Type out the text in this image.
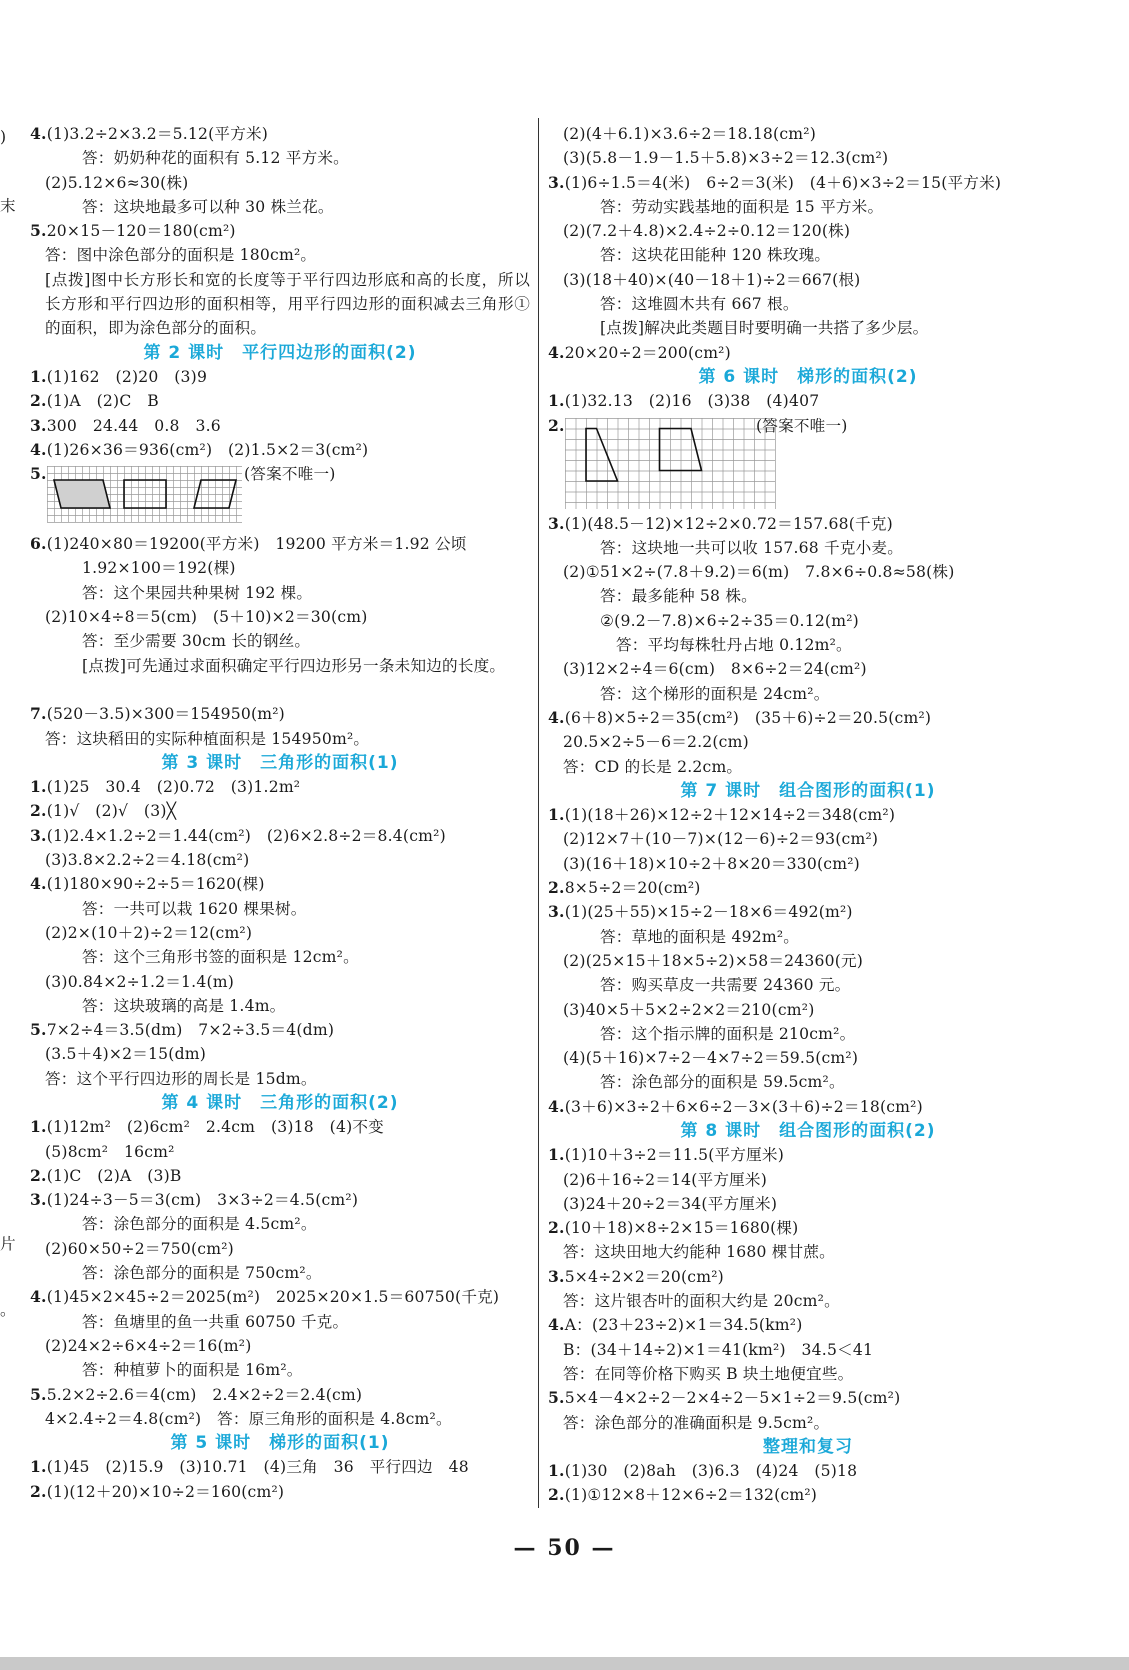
)
末
片
。
4.(1)3.2÷2×3.2＝5.12(平方米)
答：奶奶种花的面积有 5.12 平方米。
(2)5.12×6≈30(株)
答：这块地最多可以种 30 株兰花。
5.20×15－120＝180(cm²)
答：图中涂色部分的面积是 180cm²。
[点拨]图中长方形长和宽的长度等于平行四边形底和高的长度，所以长方形和平行四边形的面积相等，用平行四边形的面积减去三角形①的面积，即为涂色部分的面积。
第 2 课时　平行四边形的面积(2)
1.(1)162　(2)20　(3)9
2.(1)A　(2)C　B
3.300　24.44　0.8　3.6
4.(1)26×36＝936(cm²)　(2)1.5×2＝3(cm²)
5.	(答案不唯一)
6.(1)240×80＝19200(平方米)　19200 平方米＝1.92 公顷
1.92×100＝192(棵)
答：这个果园共种果树 192 棵。
(2)10×4÷8＝5(cm)　(5＋10)×2＝30(cm)
答：至少需要 30cm 长的钢丝。
[点拨]可先通过求面积确定平行四边形另一条未知边的长度。
7.(520－3.5)×300＝154950(m²)
答：这块稻田的实际种植面积是 154950m²。
第 3 课时　三角形的面积(1)
1.(1)25　30.4　(2)0.72　(3)1.2m²
2.(1)√　(2)√　(3)╳
3.(1)2.4×1.2÷2＝1.44(cm²)　(2)6×2.8÷2＝8.4(cm²)
(3)3.8×2.2÷2＝4.18(cm²)
4.(1)180×90÷2÷5＝1620(棵)
答：一共可以栽 1620 棵果树。
(2)2×(10＋2)÷2＝12(cm²)
答：这个三角形书签的面积是 12cm²。
(3)0.84×2÷1.2＝1.4(m)
答：这块玻璃的高是 1.4m。
5.7×2÷4＝3.5(dm)　7×2÷3.5＝4(dm)
(3.5＋4)×2＝15(dm)
答：这个平行四边形的周长是 15dm。
第 4 课时　三角形的面积(2)
1.(1)12m²　(2)6cm²　2.4cm　(3)18　(4)不变
(5)8cm²　16cm²
2.(1)C　(2)A　(3)B
3.(1)24÷3－5＝3(cm)　3×3÷2＝4.5(cm²)
答：涂色部分的面积是 4.5cm²。
(2)60×50÷2＝750(cm²)
答：涂色部分的面积是 750cm²。
4.(1)45×2×45÷2＝2025(m²)　2025×20×1.5＝60750(千克)
答：鱼塘里的鱼一共重 60750 千克。
(2)24×2÷6×4÷2＝16(m²)
答：种植萝卜的面积是 16m²。
5.5.2×2÷2.6＝4(cm)　2.4×2÷2＝2.4(cm)
4×2.4÷2＝4.8(cm²)　答：原三角形的面积是 4.8cm²。
第 5 课时　梯形的面积(1)
1.(1)45　(2)15.9　(3)10.71　(4)三角　36　平行四边　48
2.(1)(12＋20)×10÷2＝160(cm²)
(2)(4＋6.1)×3.6÷2＝18.18(cm²)
(3)(5.8－1.9－1.5＋5.8)×3÷2＝12.3(cm²)
3.(1)6÷1.5＝4(米)　6÷2＝3(米)　(4＋6)×3÷2＝15(平方米)
答：劳动实践基地的面积是 15 平方米。
(2)(7.2＋4.8)×2.4÷2÷0.12＝120(株)
答：这块花田能种 120 株玫瑰。
(3)(18＋40)×(40－18＋1)÷2＝667(根)
答：这堆圆木共有 667 根。
[点拨]解决此类题目时要明确一共搭了多少层。
4.20×20÷2＝200(cm²)
第 6 课时　梯形的面积(2)
1.(1)32.13　(2)16　(3)38　(4)407
2.	(答案不唯一)
3.(1)(48.5－12)×12÷2×0.72＝157.68(千克)
答：这块地一共可以收 157.68 千克小麦。
(2)①51×2÷(7.8＋9.2)＝6(m)　7.8×6÷0.8≈58(株)
答：最多能种 58 株。
②(9.2－7.8)×6÷2÷35＝0.12(m²)
答：平均每株牡丹占地 0.12m²。
(3)12×2÷4＝6(cm)　8×6÷2＝24(cm²)
答：这个梯形的面积是 24cm²。
4.(6＋8)×5÷2＝35(cm²)　(35＋6)÷2＝20.5(cm²)
20.5×2÷5－6＝2.2(cm)
答：CD 的长是 2.2cm。
第 7 课时　组合图形的面积(1)
1.(1)(18＋26)×12÷2＋12×14÷2＝348(cm²)
(2)12×7＋(10－7)×(12－6)÷2＝93(cm²)
(3)(16＋18)×10÷2＋8×20＝330(cm²)
2.8×5÷2＝20(cm²)
3.(1)(25＋55)×15÷2－18×6＝492(m²)
答：草地的面积是 492m²。
(2)(25×15＋18×5÷2)×58＝24360(元)
答：购买草皮一共需要 24360 元。
(3)40×5＋5×2÷2×2＝210(cm²)
答：这个指示牌的面积是 210cm²。
(4)(5＋16)×7÷2－4×7÷2＝59.5(cm²)
答：涂色部分的面积是 59.5cm²。
4.(3＋6)×3÷2＋6×6÷2－3×(3＋6)÷2＝18(cm²)
第 8 课时　组合图形的面积(2)
1.(1)10＋3÷2＝11.5(平方厘米)
(2)6＋16÷2＝14(平方厘米)
(3)24＋20÷2＝34(平方厘米)
2.(10＋18)×8÷2×15＝1680(棵)
答：这块田地大约能种 1680 棵甘蔗。
3.5×4÷2×2＝20(cm²)
答：这片银杏叶的面积大约是 20cm²。
4.A：(23＋23÷2)×1＝34.5(km²)
B：(34＋14÷2)×1＝41(km²)　34.5＜41
答：在同等价格下购买 B 块土地便宜些。
5.5×4－4×2÷2－2×4÷2－5×1÷2＝9.5(cm²)
答：涂色部分的准确面积是 9.5cm²。
整理和复习
1.(1)30　(2)8ah　(3)6.3　(4)24　(5)18
2.(1)①12×8＋12×6÷2＝132(cm²)
— 50 —
